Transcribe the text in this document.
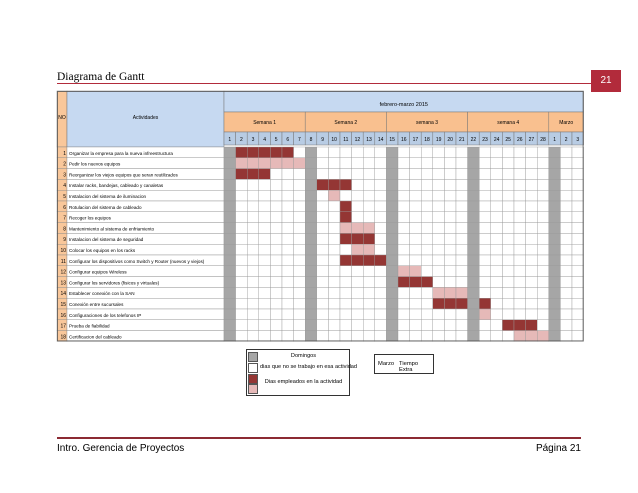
Diagrama de Gantt	21
NO	Actividades
febrero-marzo 2015
Semana 1	Semana 2	semana 3	semana 4	Marzo
1 2 3 4 5 6 7 8 9 10 11 12 13 14 15 16 17 18 19 20 21 22 23 24 25 26 27 28 1 2 3
1 Organizar la empresa para la nueva infreestructura
2 Pedir los nuevos equipos
3 Reorganizar los viejos equipos que seran reutilizados
4 Instalar racks, bandejas, cableado y canaletas
5 Instalacion del sistema de iluminacion
6 Rotulacion del sistema de cableado
7 Recoger los equipos
8 Mantenimiento al sistema de enfriamiento
9 Instalacion del sistema de seguridad
10 Colocar los equipos en los racks
11 Configurar los dispositivos como Switch y Router (nuevos y viejos)
12 Configurar equipos Wireless
13 Configurar los servidores (fisicos y virtuales)
14 Establecer conexión con la SAN
15 Conexión entre sucursales
16 Configuraciones de los telefonos IP
17 Prueba de fiabilidad
18 Certificacion del cableado
Domingos
dias que no se trabajo en esa actividad
Dias empleados en la actividad
Marzo Tiempo Extra
Intro. Gerencia de Proyectos	Página 21
